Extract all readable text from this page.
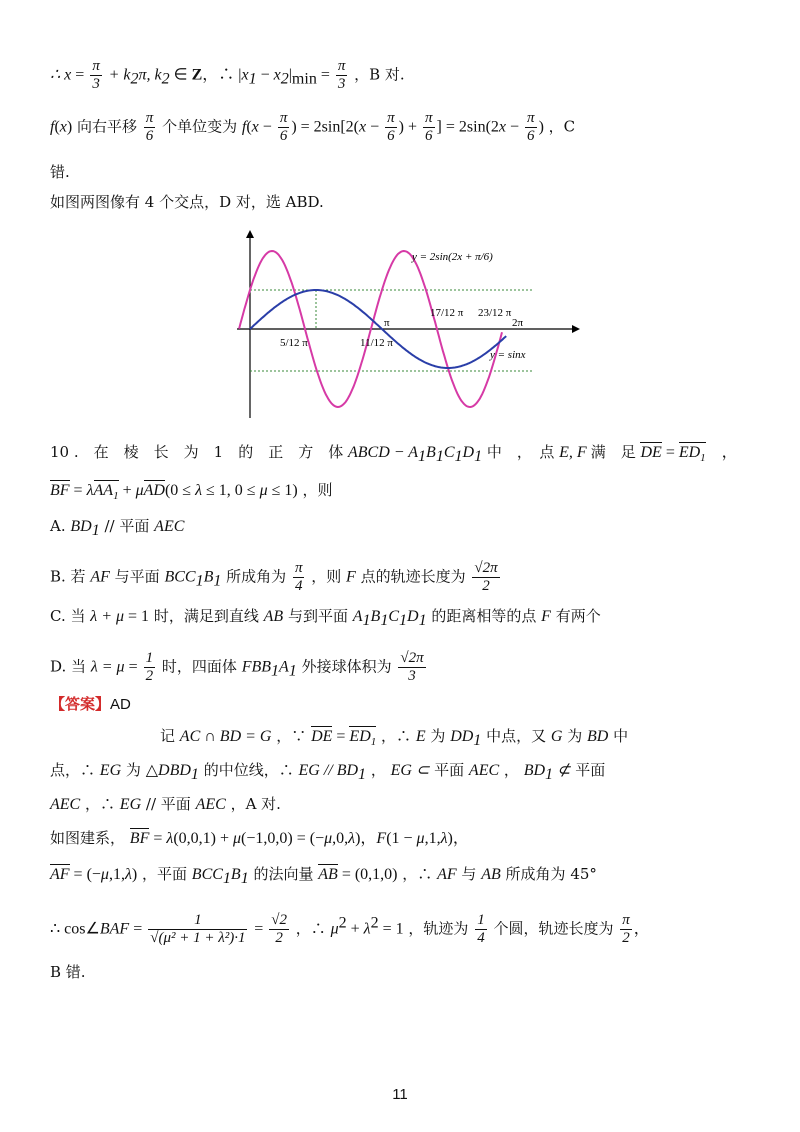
∴ $x = \frac{\pi}{3} + k_2\pi$, $k_2$ ∈ Z，∴ $|x_1 - x_2|_{min} = \frac{\pi}{3}$ ，B 对.
f(x) 向右平移 $\frac{\pi}{6}$ 个单位变为 $f(x - \frac{\pi}{6}$ ) = $2\sin[2(x - \frac{\pi}{6}$ ) + $\frac{\pi}{6}$ ] = $2\sin(2x - \frac{\pi}{6}$ ) ，C
错.
如图两图像有 4 个交点，D 对，选 ABD.
y = 2sin(2x + π/6)
y = sinx
5/12 π	11/12 π
π
17/12 π 23/12 π
2π
10 .　在　棱　长　为　1　的　正　方　体 ABCD − $A_1B_1C_1D_1$ 中　，　点 E, F 满　足 DE = $ED_1$　，
BF = λAA$_1$ + μAD(0 ≤ λ ≤ 1, 0 ≤ μ ≤ 1) ，则
A. $BD_1$ // 平面 AEC
B. 若 AF 与平面 $BCC_1B_1$ 所成角为 $\frac{\pi}{4}$ ，则 F 点的轨迹长度为 $\frac{√2\pi}{2}$
C. 当 λ + μ = 1 时，满足到直线 AB 与到平面 $A_1B_1C_1D_1$ 的距离相等的点 F 有两个
D. 当 $\lambda = \mu = \frac{1}{2}$ 时，四面体 $FBB_1A_1$ 外接球体积为 $\frac{√2\pi}{3}$
【答案】AD
记 AC ∩ BD = G ，∵ DE = $ED_1$ ，∴ E 为 $DD_1$ 中点，又 G 为 BD 中
点，∴ EG 为 $\triangle DBD_1$ 的中位线，∴ EG // $BD_1$ ， EG ⊂ 平面 AEC ， $BD_1$ ⊄ 平面
AEC ，∴ EG // 平面 AEC ，A 对.
如图建系， BF = λ(0,0,1) + μ(−1,0,0) = (−μ,0,λ)，F(1 − μ,1,λ)，
AF = (−μ,1,λ) ，平面 $BCC_1B_1$ 的法向量 AB = (0,1,0) ，∴ AF 与 AB 所成角为 45°
∴ cos∠BAF = $\frac{1}{\text{√(μ² + 1 + λ²)·1}} = \frac{√2}{2}$ ，∴ $\mu^2 + \lambda^2 = 1$ ，轨迹为 $\frac{1}{4}$ 个圆，轨迹长度为 $\frac{\pi}{2}$ ，
B 错.
11
